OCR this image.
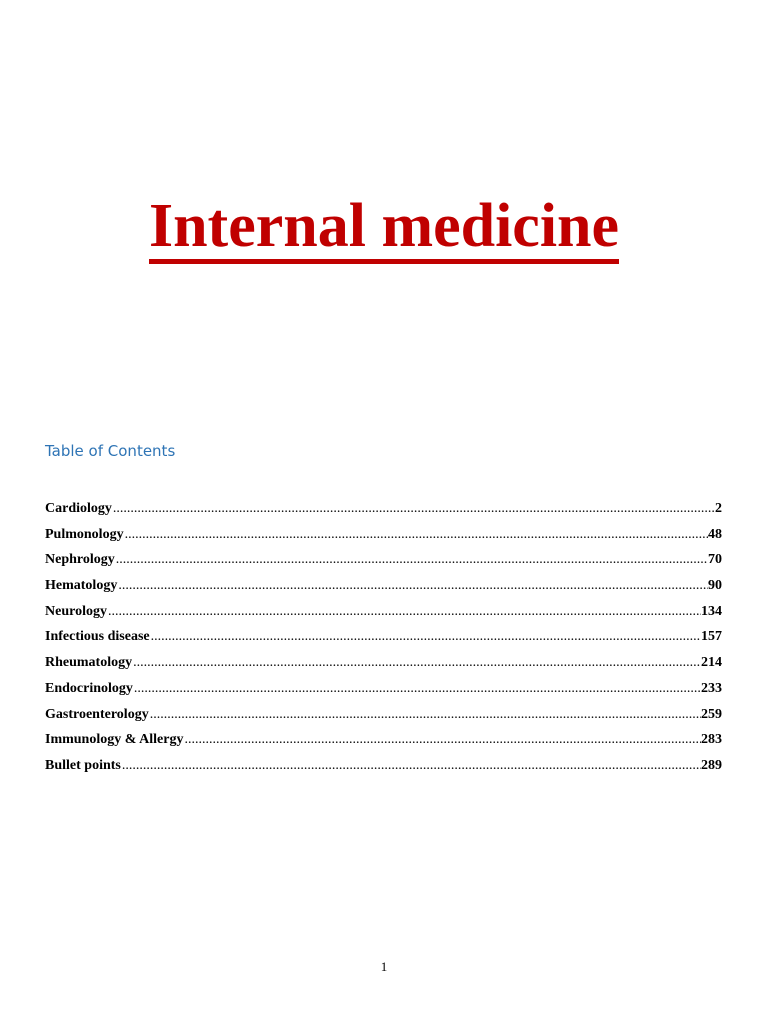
Internal medicine
Table of Contents
Cardiology .....	2
Pulmonology .....	48
Nephrology .....	70
Hematology .....	90
Neurology .....	134
Infectious disease .....	157
Rheumatology .....	214
Endocrinology .....	233
Gastroenterology .....	259
Immunology & Allergy .....	283
Bullet points .....	289
1
